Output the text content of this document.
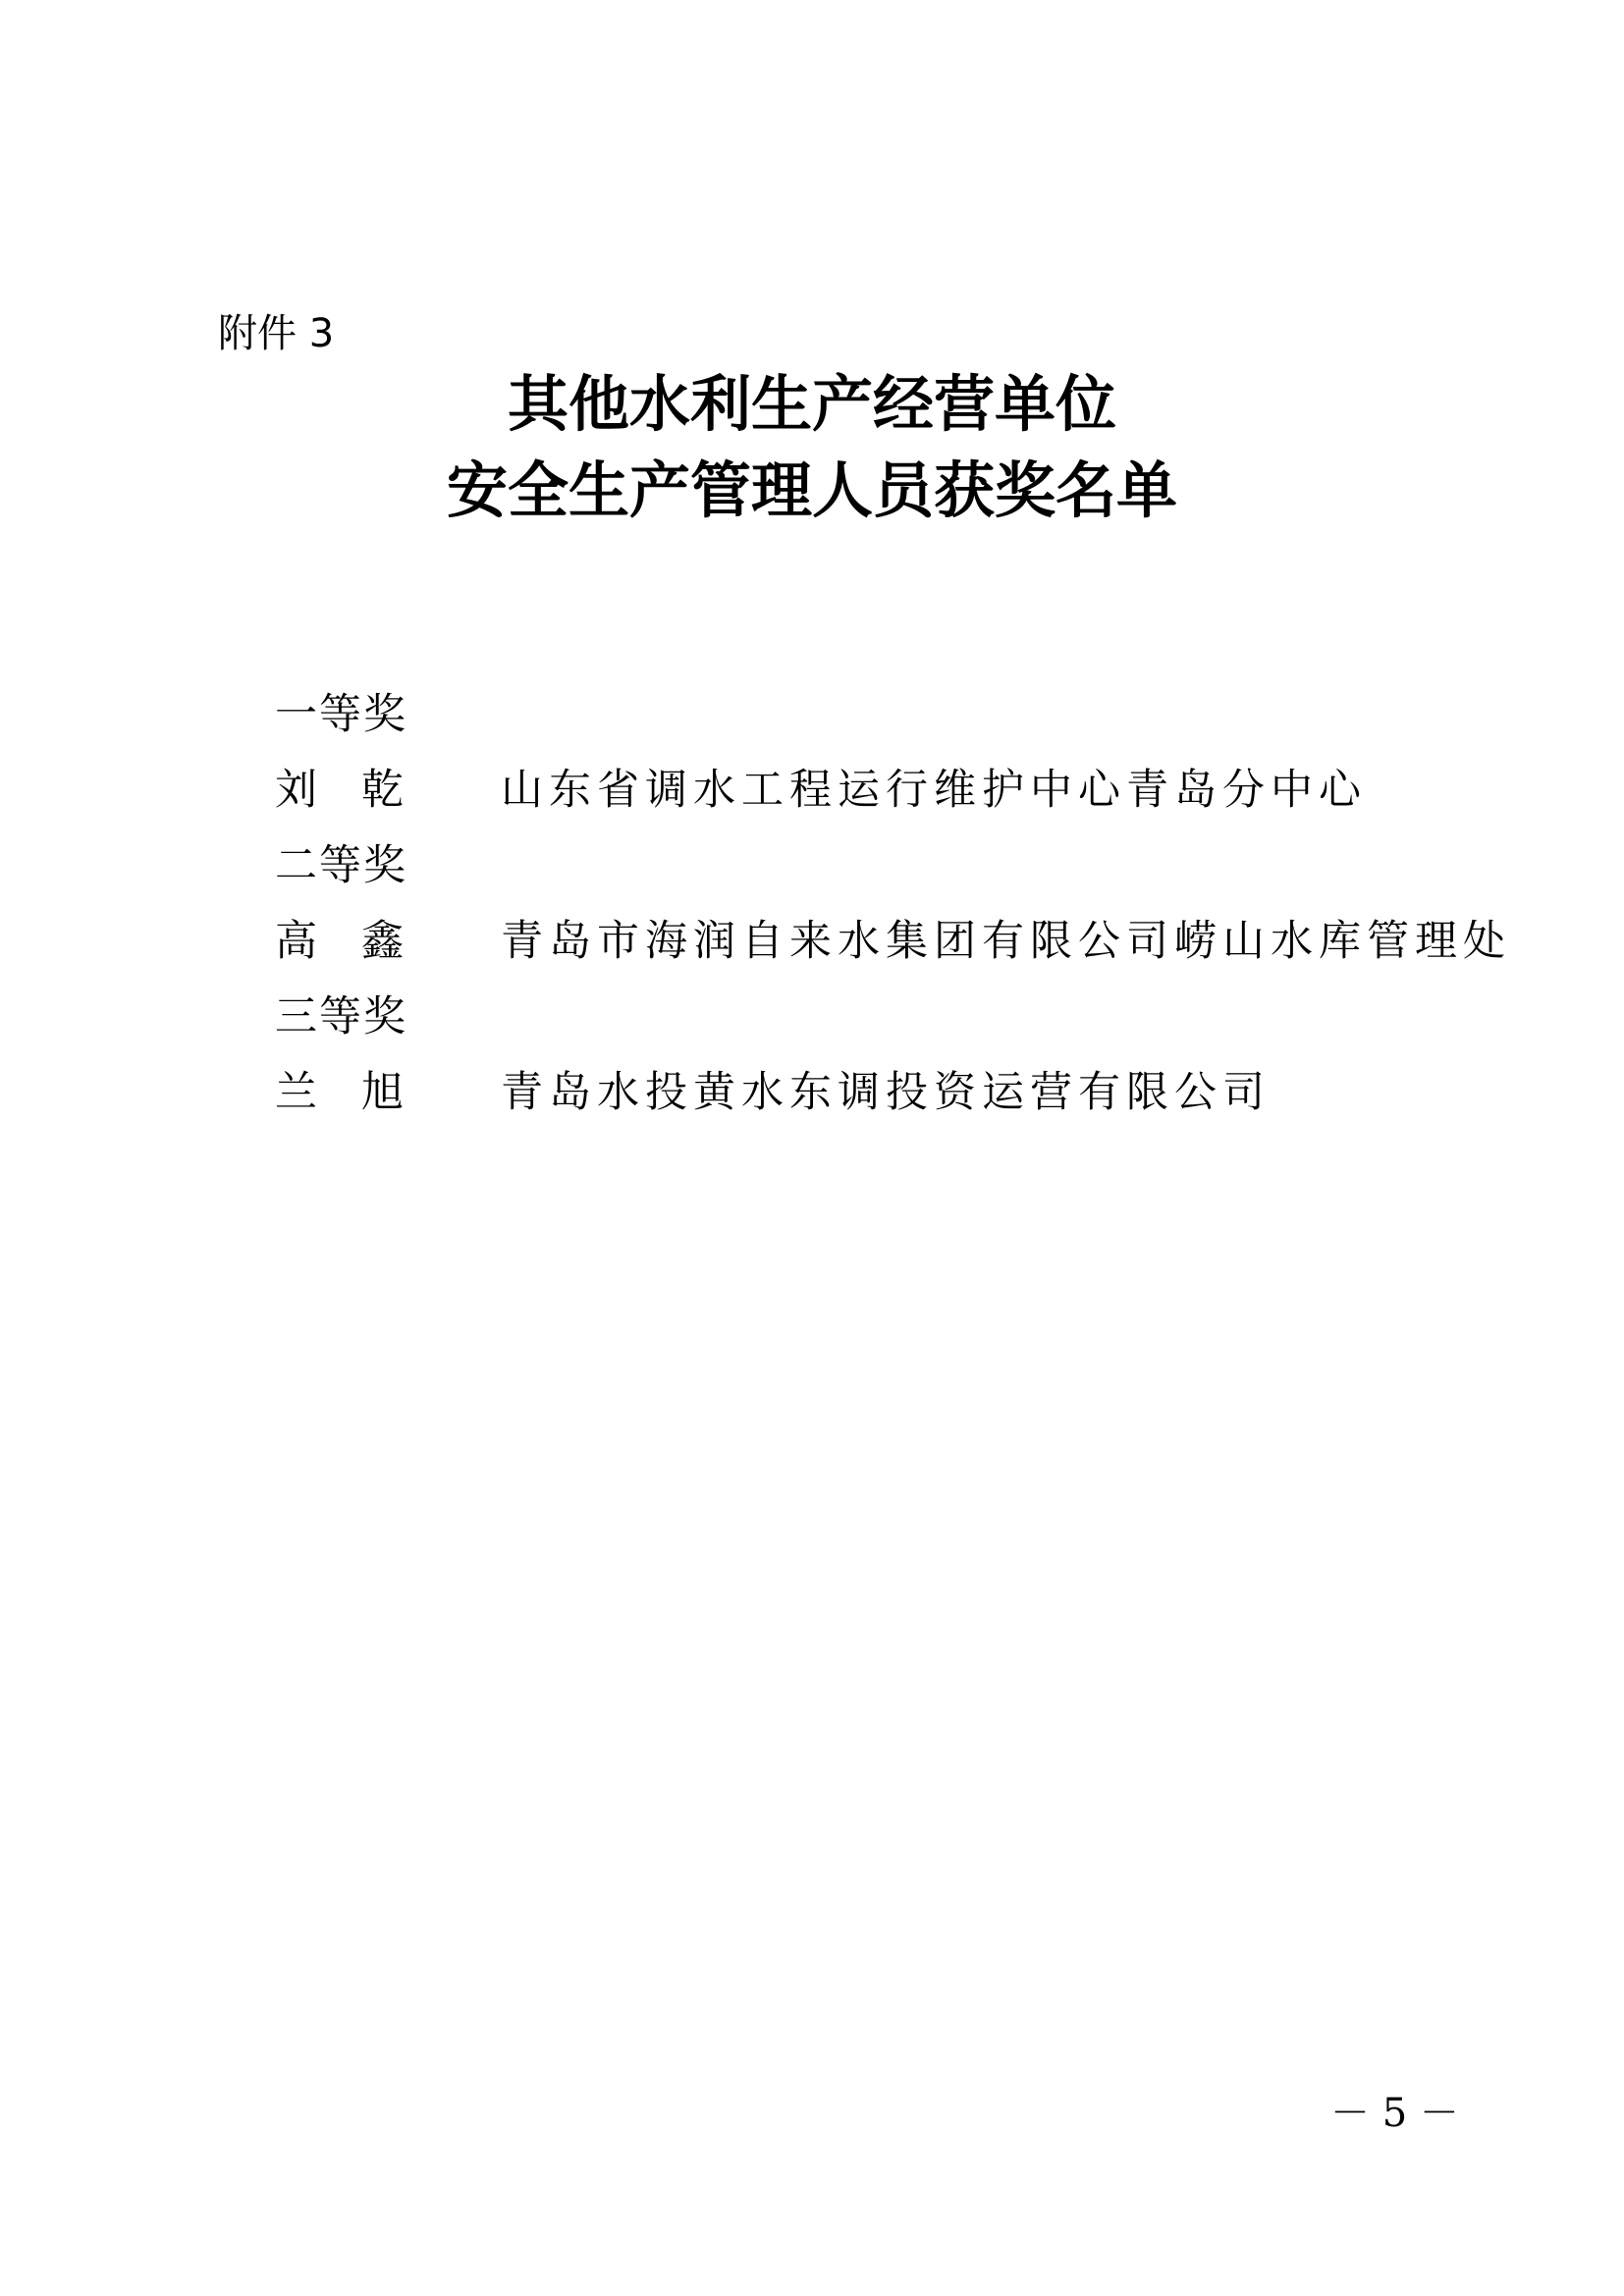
附件 3
其他水利生产经营单位
安全生产管理人员获奖名单
一等奖
刘 乾 山东省调水工程运行维护中心青岛分中心
二等奖
高 鑫 青岛市海润自来水集团有限公司崂山水库管理处
三等奖
兰 旭 青岛水投黄水东调投资运营有限公司
－ 5 －
